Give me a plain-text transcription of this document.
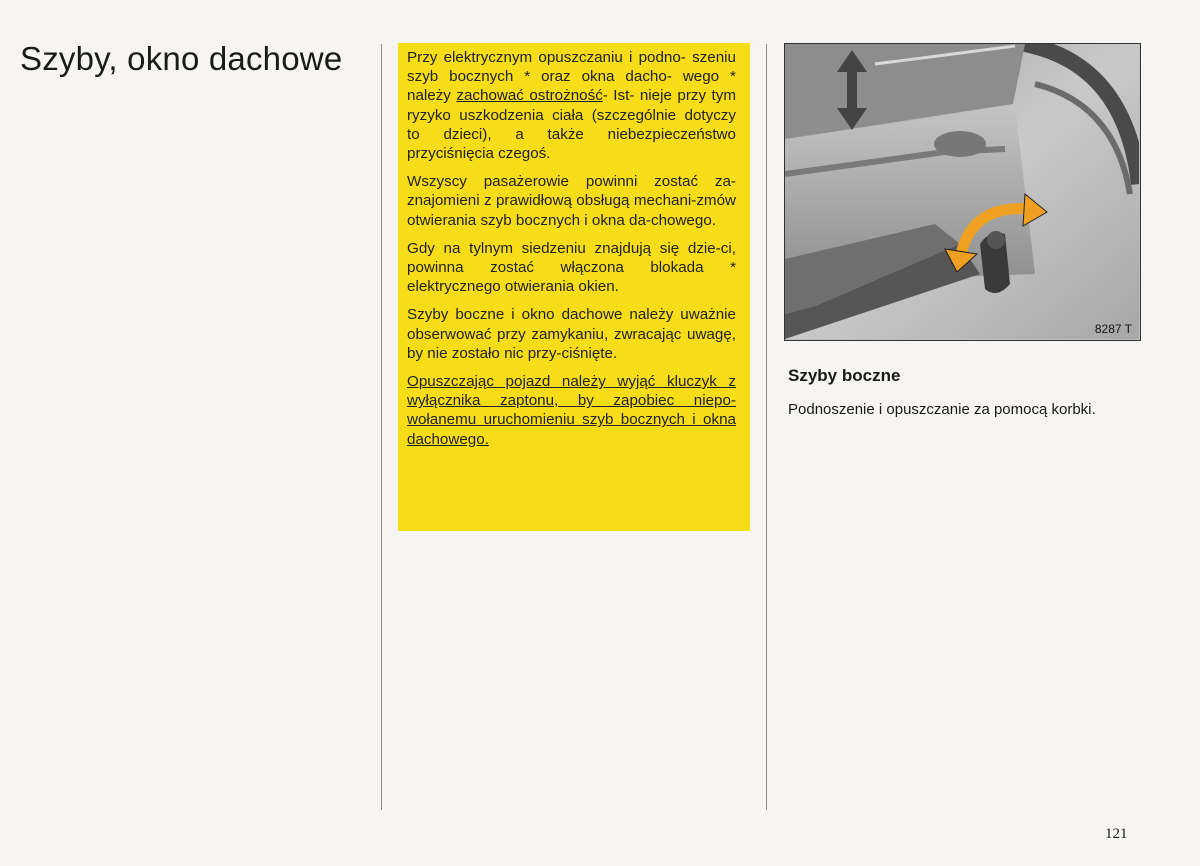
Szyby, okno dachowe	Przy elektrycznym opuszczaniu i podno- szeniu szyb bocznych * oraz okna dacho- wego * należy zachować ostrożność- Ist- nieje przy tym ryzyko uszkodzenia ciała (szczególnie dotyczy to dzieci), a także niebezpieczeństwo przyciśnięcia czegoś.

Wszyscy pasażerowie powinni zostać za-znajomieni z prawidłową obsługą mechani-zmów otwierania szyb bocznych i okna da-chowego.

Gdy na tylnym siedzeniu znajdują się dzie-ci, powinna zostać włączona blokada * elektrycznego otwierania okien.

Szyby boczne i okno dachowe należy uważnie obserwować przy zamykaniu, zwracając uwagę, by nie zostało nic przy-ciśnięte.

Opuszczając pojazd należy wyjąć kluczyk z wyłącznika zaptonu, by zapobiec niepo-wołanemu uruchomieniu szyb bocznych i okna dachowego.

8287 T
Szyby boczne

Podnoszenie i opuszczanie za pomocą korbki.

121
